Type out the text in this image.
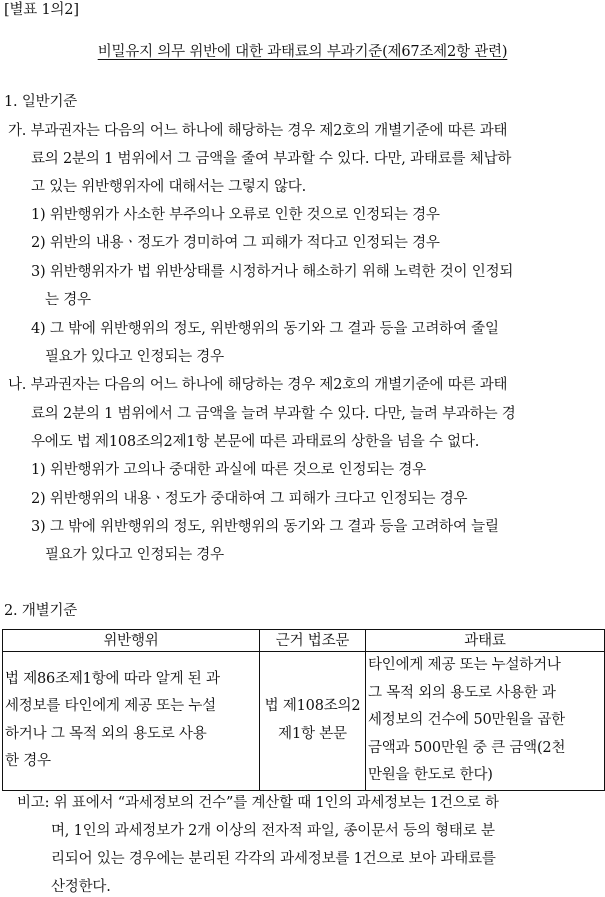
[별표 1의2]
비밀유지 의무 위반에 대한 과태료의 부과기준(제67조제2항 관련)
1. 일반기준
가. 부과권자는 다음의 어느 하나에 해당하는 경우 제2호의 개별기준에 따른 과태
료의 2분의 1 범위에서 그 금액을 줄여 부과할 수 있다. 다만, 과태료를 체납하
고 있는 위반행위자에 대해서는 그렇지 않다.
1) 위반행위가 사소한 부주의나 오류로 인한 것으로 인정되는 경우
2) 위반의 내용ㆍ정도가 경미하여 그 피해가 적다고 인정되는 경우
3) 위반행위자가 법 위반상태를 시정하거나 해소하기 위해 노력한 것이 인정되
는 경우
4) 그 밖에 위반행위의 정도, 위반행위의 동기와 그 결과 등을 고려하여 줄일
필요가 있다고 인정되는 경우
나. 부과권자는 다음의 어느 하나에 해당하는 경우 제2호의 개별기준에 따른 과태
료의 2분의 1 범위에서 그 금액을 늘려 부과할 수 있다. 다만, 늘려 부과하는 경
우에도 법 제108조의2제1항 본문에 따른 과태료의 상한을 넘을 수 없다.
1) 위반행위가 고의나 중대한 과실에 따른 것으로 인정되는 경우
2) 위반행위의 내용ㆍ정도가 중대하여 그 피해가 크다고 인정되는 경우
3) 그 밖에 위반행위의 정도, 위반행위의 동기와 그 결과 등을 고려하여 늘릴
필요가 있다고 인정되는 경우
2. 개별기준
위반행위	근거 법조문	과태료
법 제86조제1항에 따라 알게 된 과
세정보를 타인에게 제공 또는 누설
하거나 그 목적 외의 용도로 사용
한 경우	법 제108조의2
제1항 본문	타인에게 제공 또는 누설하거나
그 목적 외의 용도로 사용한 과
세정보의 건수에 50만원을 곱한
금액과 500만원 중 큰 금액(2천
만원을 한도로 한다)
비고: 위 표에서 “과세정보의 건수”를 계산할 때 1인의 과세정보는 1건으로 하
며, 1인의 과세정보가 2개 이상의 전자적 파일, 종이문서 등의 형태로 분
리되어 있는 경우에는 분리된 각각의 과세정보를 1건으로 보아 과태료를
산정한다.
